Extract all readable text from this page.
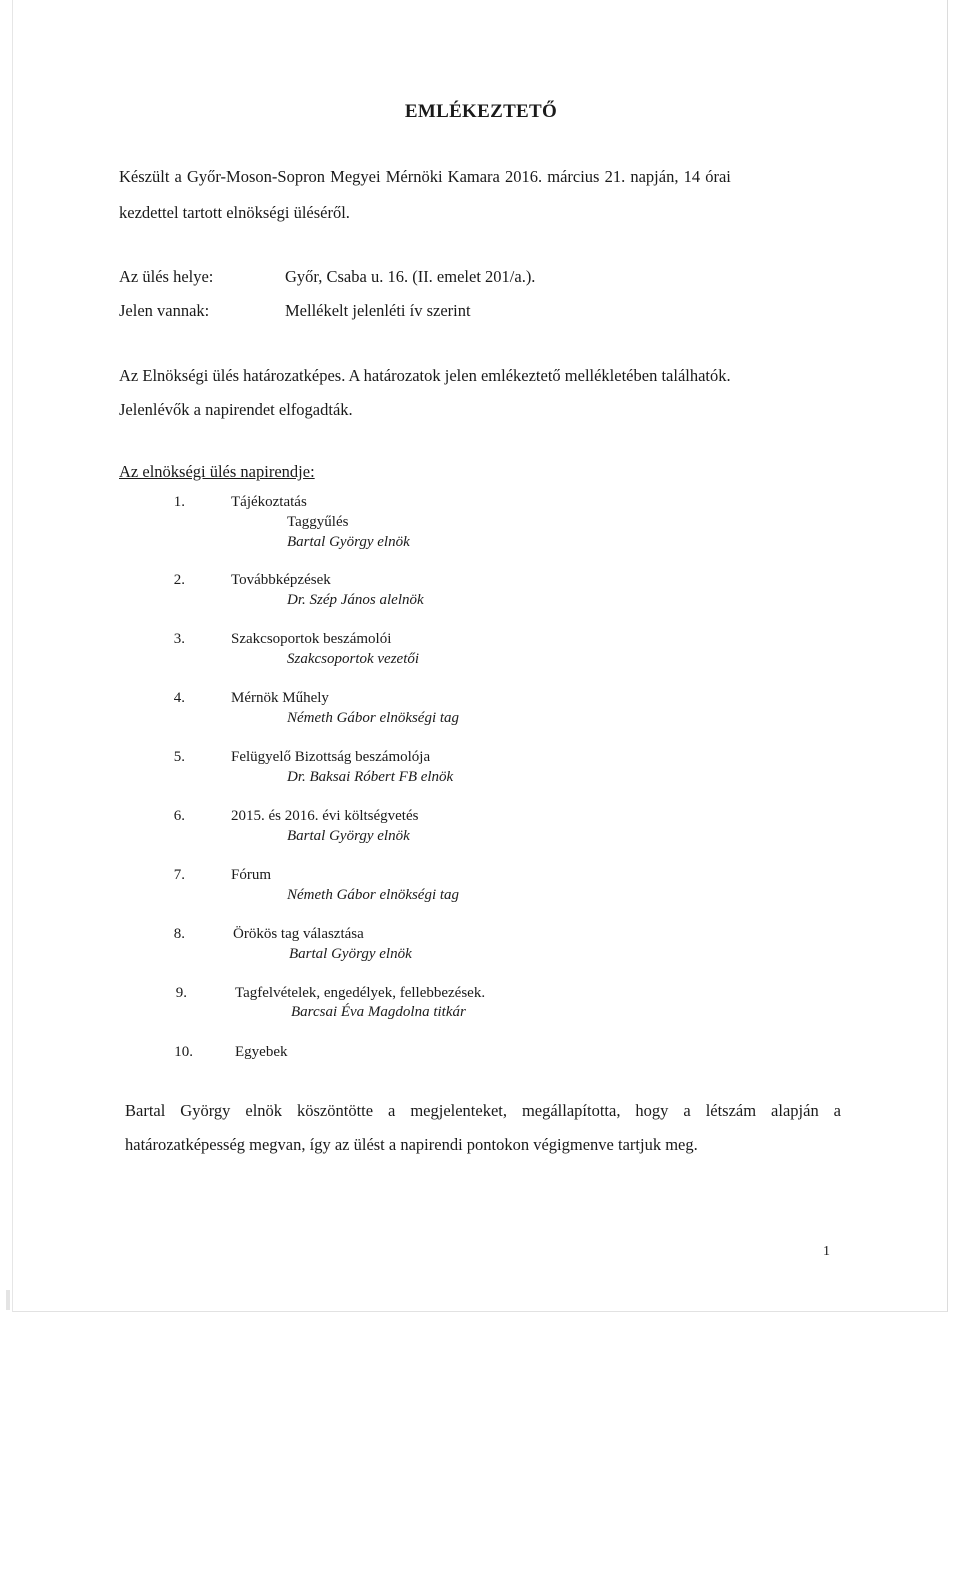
EMLÉKEZTETŐ
Készült a Győr-Moson-Sopron Megyei Mérnöki Kamara 2016. március 21. napján, 14 órai
kezdettel tartott elnökségi üléséről.
Az ülés helye:	Győr, Csaba u. 16. (II. emelet 201/a.).
Jelen vannak:	Mellékelt jelenléti ív szerint
Az Elnökségi ülés határozatképes. A határozatok jelen emlékeztető mellékletében találhatók.
Jelenlévők a napirendet elfogadták.
Az elnökségi ülés napirendje:
1.	Tájékoztatás
Taggyűlés
Bartal György elnök
2.	Továbbképzések
Dr. Szép János alelnök
3.	Szakcsoportok beszámolói
Szakcsoportok vezetői
4.	Mérnök Műhely
Németh Gábor elnökségi tag
5.	Felügyelő Bizottság beszámolója
Dr. Baksai Róbert FB elnök
6.	2015. és 2016. évi költségvetés
Bartal György elnök
7.	Fórum
Németh Gábor elnökségi tag
8.	Örökös tag választása
Bartal György elnök
9.	Tagfelvételek, engedélyek, fellebbezések.
Barcsai Éva Magdolna titkár
10.	Egyebek
Bartal György elnök köszöntötte a megjelenteket, megállapította, hogy a létszám alapján a határozatképesség megvan, így az ülést a napirendi pontokon végigmenve tartjuk meg.
1
